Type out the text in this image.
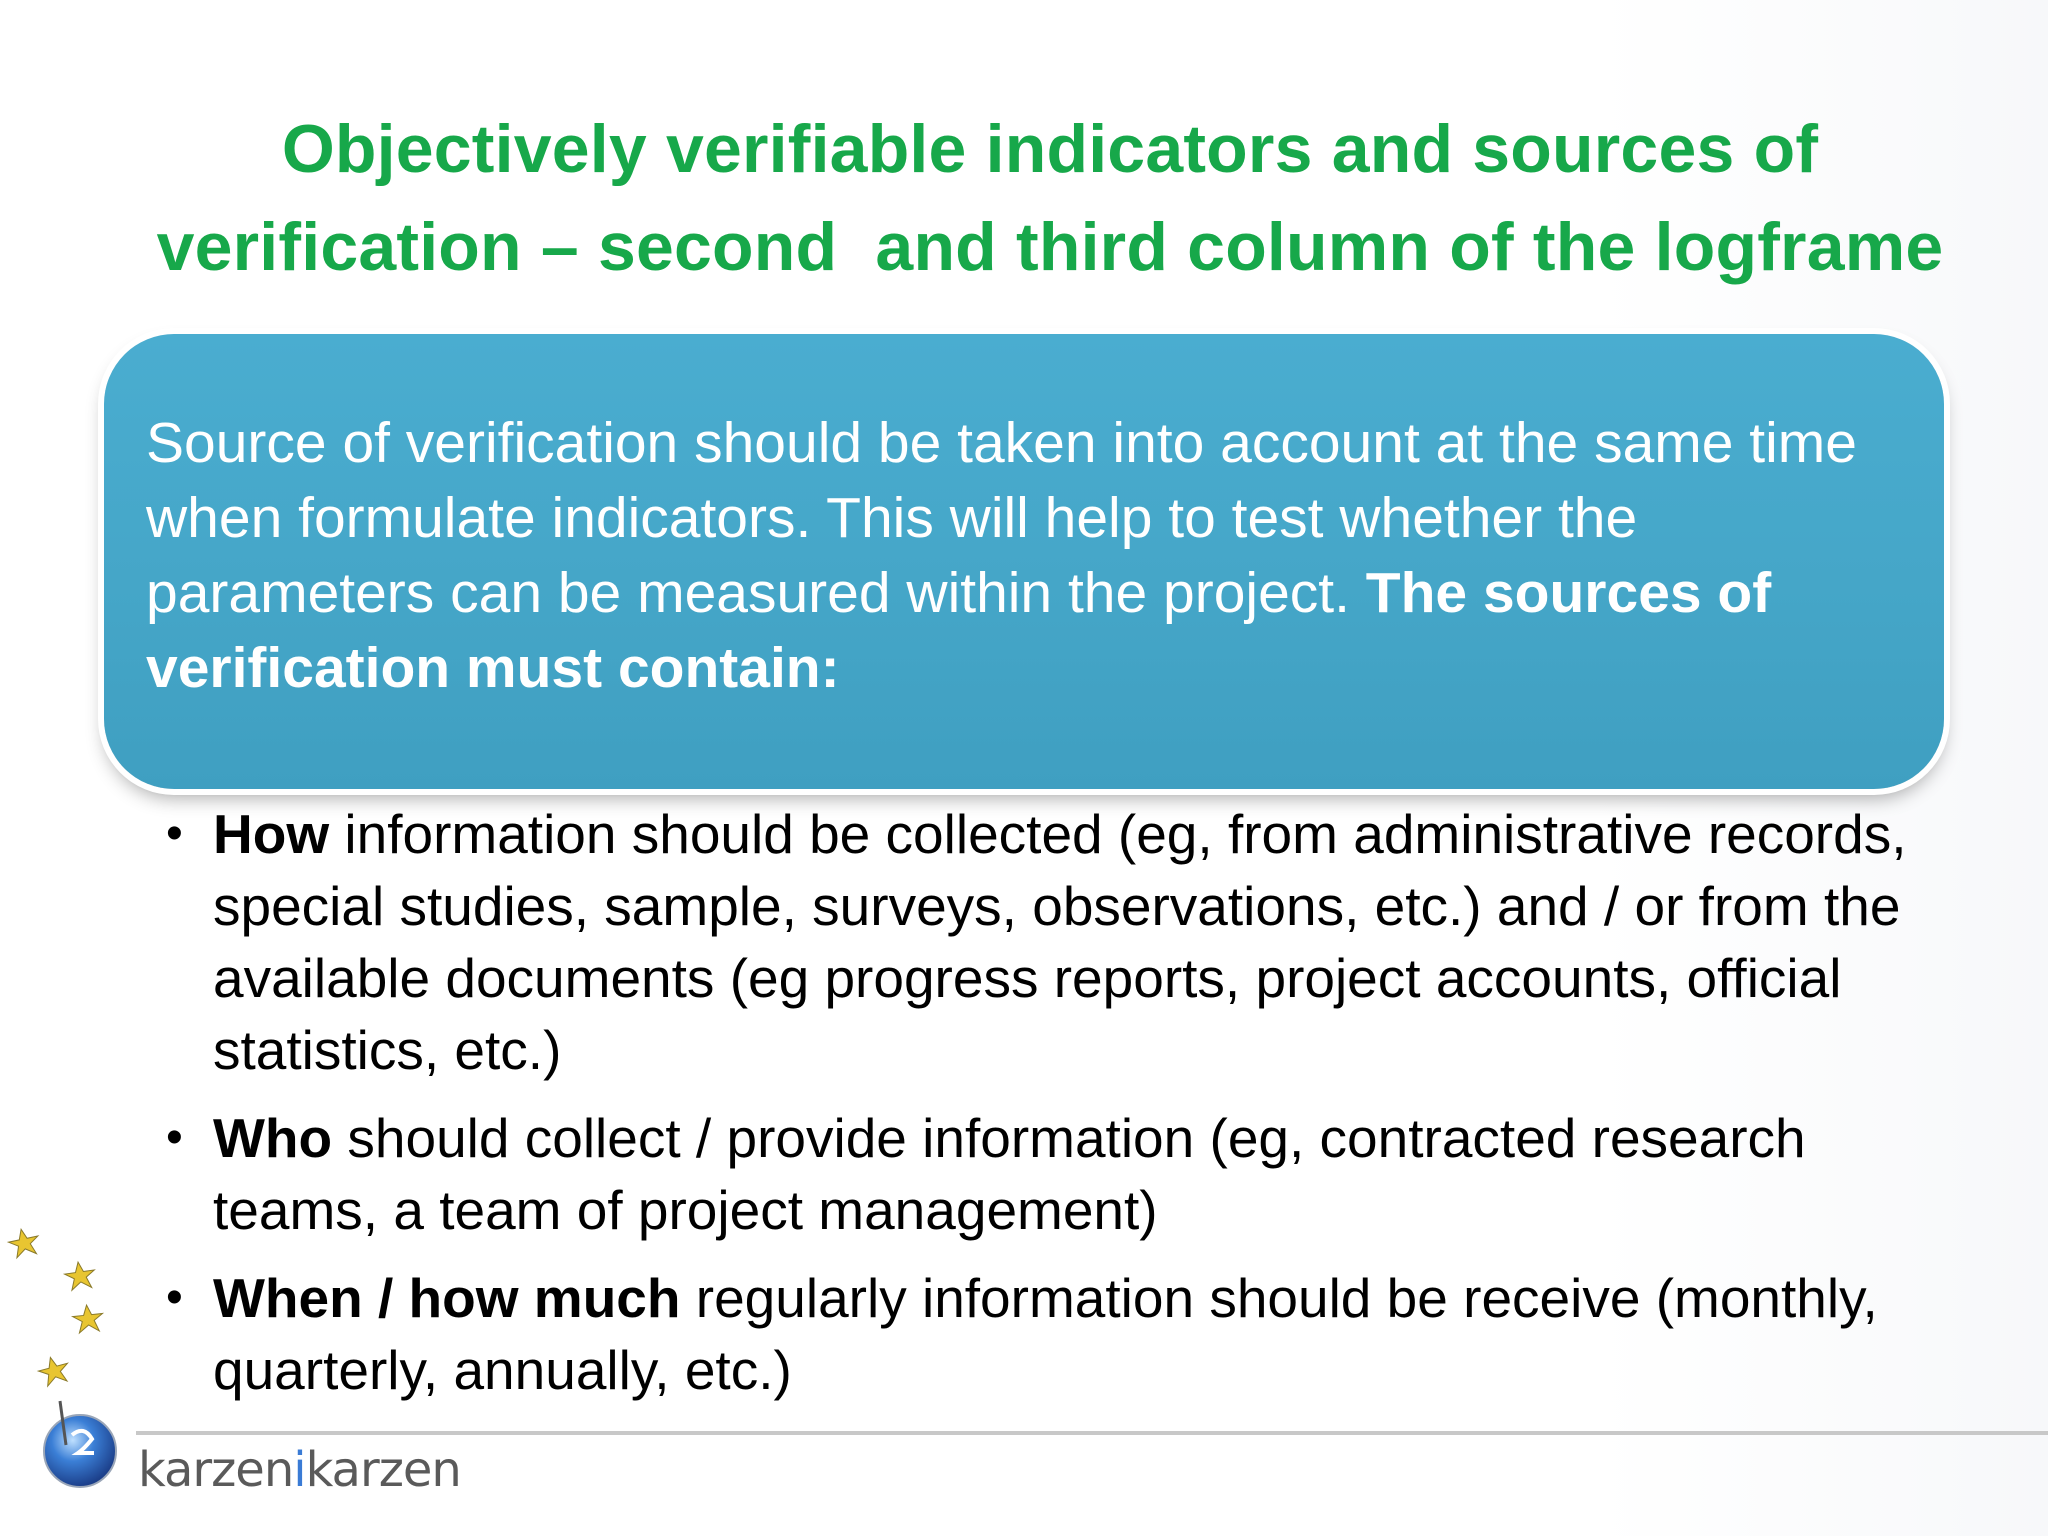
Objectively verifiable indicators and sources of
verification – second  and third column of the logframe
Source of verification should be taken into account at the same time when formulate indicators. This will help to test whether the parameters can be measured within the project. The sources of verification must contain:
• How information should be collected (eg, from administrative records, special studies, sample, surveys, observations, etc.) and / or from the available documents (eg progress reports, project accounts, official statistics, etc.)
• Who should collect / provide information (eg, contracted research teams, a team of project management)
• When / how much regularly information should be receive (monthly, quarterly, annually, etc.)
karzenikarzen
